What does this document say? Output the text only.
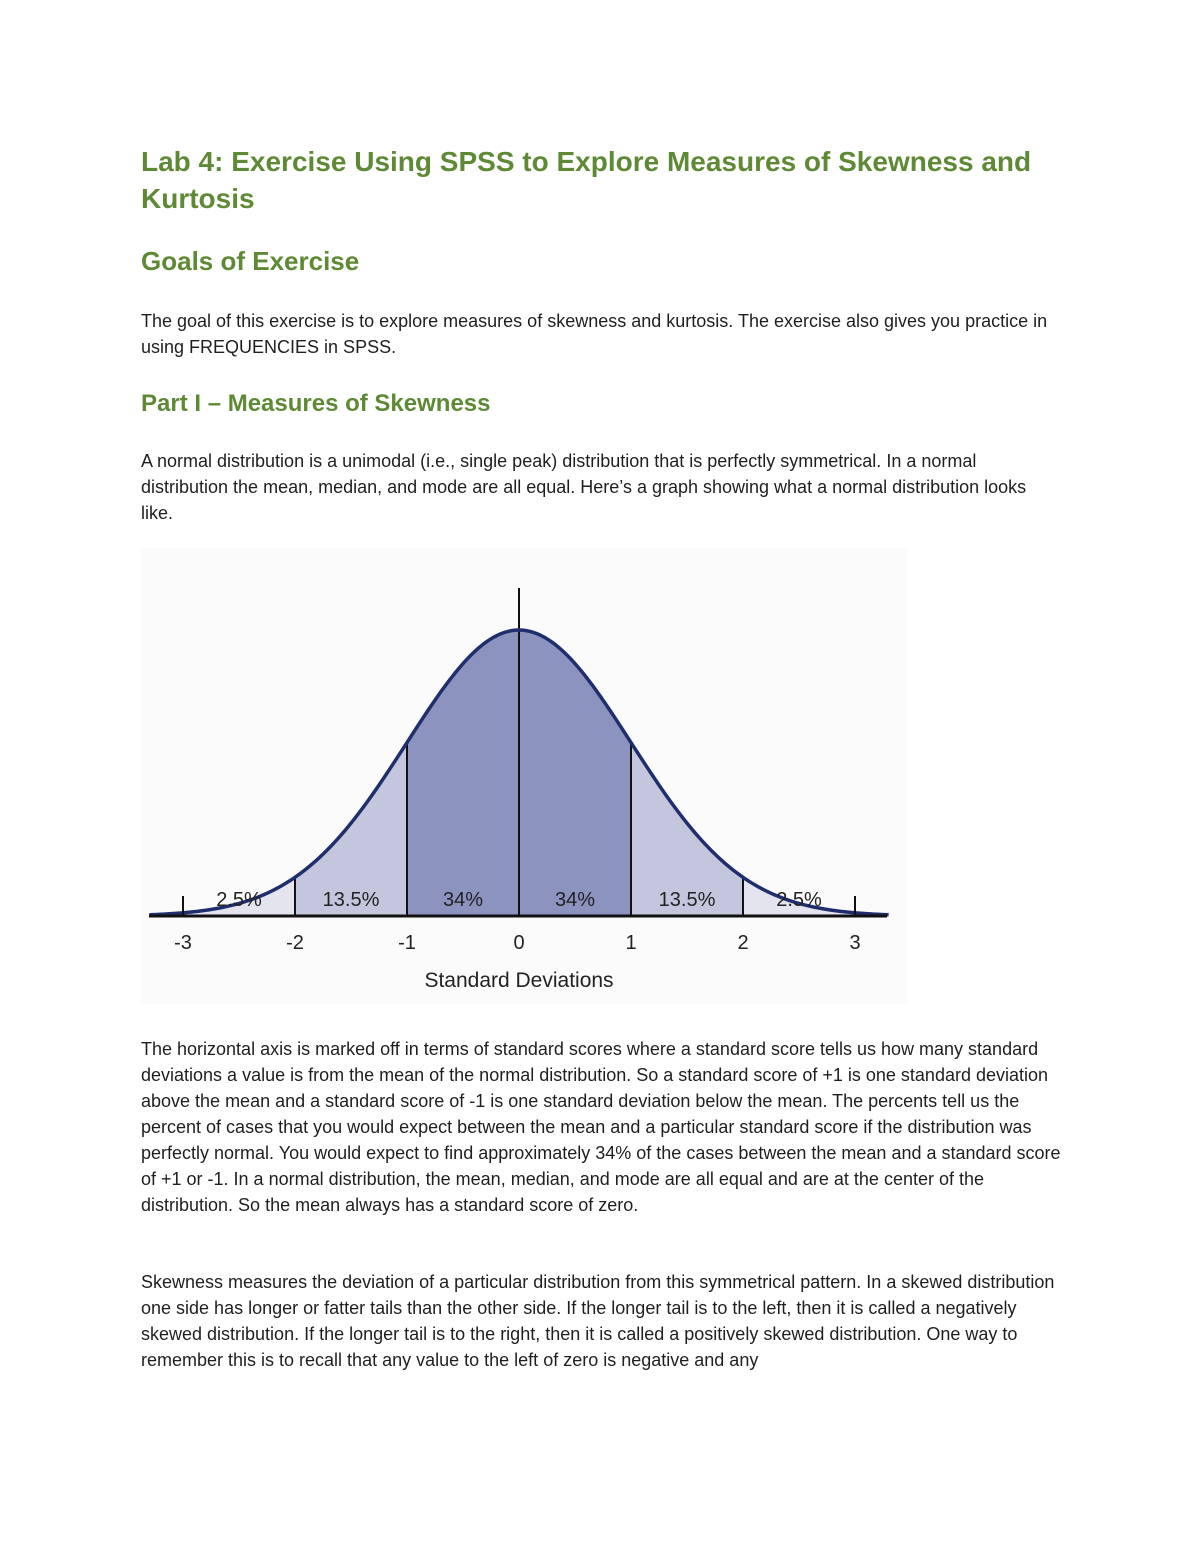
Lab 4: Exercise Using SPSS to Explore Measures of Skewness and Kurtosis
Goals of Exercise

The goal of this exercise is to explore measures of skewness and kurtosis. The exercise also gives you practice in using FREQUENCIES in SPSS.

Part I – Measures of Skewness

A normal distribution is a unimodal (i.e., single peak) distribution that is perfectly symmetrical. In a normal distribution the mean, median, and mode are all equal. Here’s a graph showing what a normal distribution looks like.

2.5%	13.5%	34%	34%	13.5%	2.5%
-3	-2	-1	0	1	2	3
Standard Deviations

The horizontal axis is marked off in terms of standard scores where a standard score tells us how many standard deviations a value is from the mean of the normal distribution. So a standard score of +1 is one standard deviation above the mean and a standard score of -1 is one standard deviation below the mean. The percents tell us the percent of cases that you would expect between the mean and a particular standard score if the distribution was perfectly normal. You would expect to find approximately 34% of the cases between the mean and a standard score of +1 or -1. In a normal distribution, the mean, median, and mode are all equal and are at the center of the distribution. So the mean always has a standard score of zero.

Skewness measures the deviation of a particular distribution from this symmetrical pattern. In a skewed distribution one side has longer or fatter tails than the other side. If the longer tail is to the left, then it is called a negatively skewed distribution. If the longer tail is to the right, then it is called a positively skewed distribution. One way to remember this is to recall that any value to the left of zero is negative and any
